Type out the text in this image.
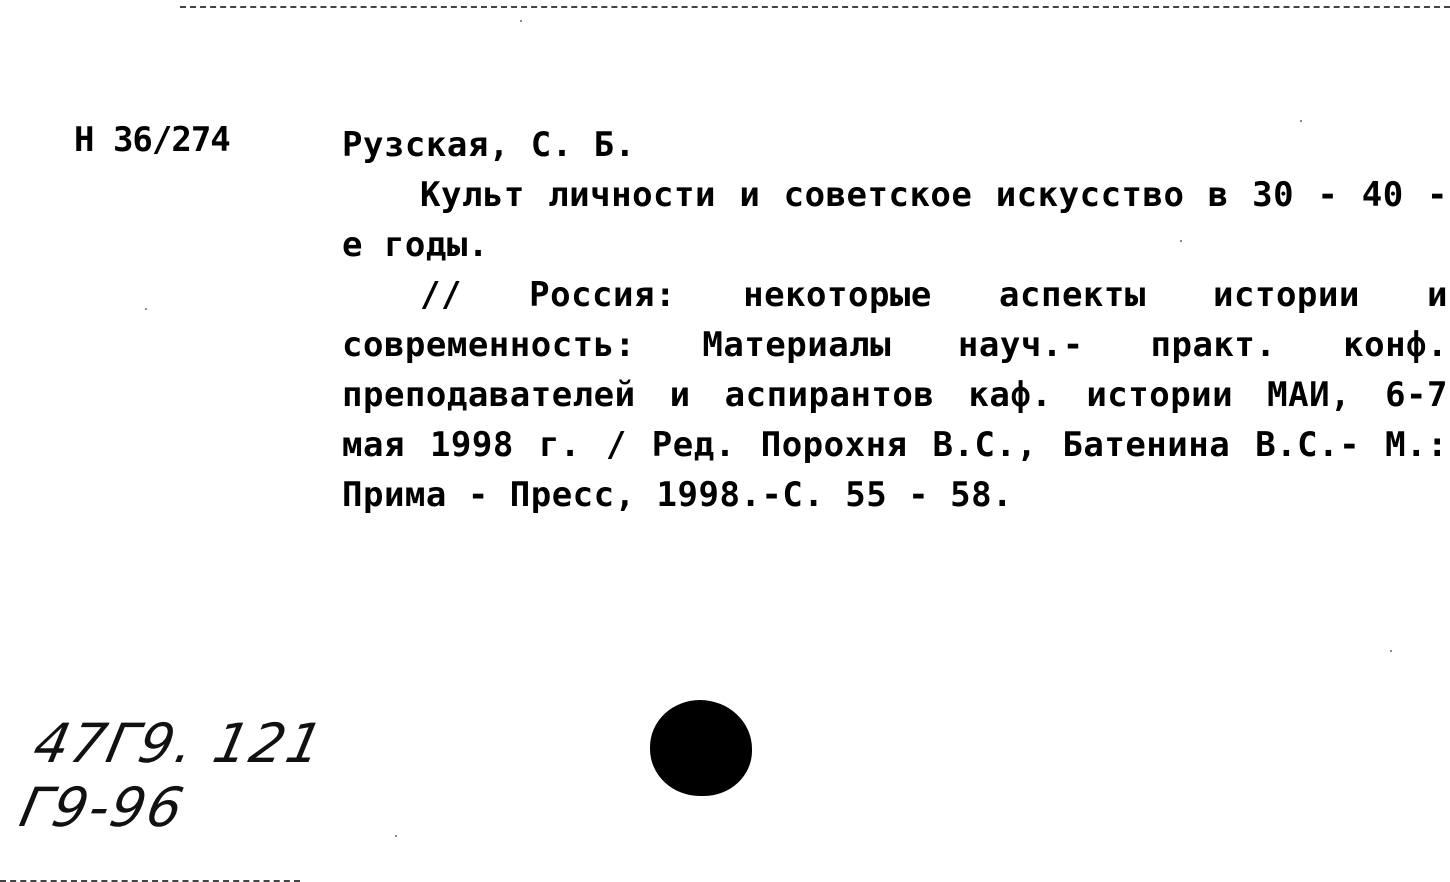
Н 36/274	Рузская, С. Б.

Культ личности и советское искусство в 30 - 40 - е годы.

// Россия: некоторые аспекты истории и современность: Материалы науч.- практ. конф. преподавателей и аспирантов каф. истории МАИ, 6-7 мая 1998 г. / Ред. Порохня В.С., Батенина В.С.- М.: Прима - Пресс, 1998.-С. 55 - 58.

47Г9. 121
Г9-96
